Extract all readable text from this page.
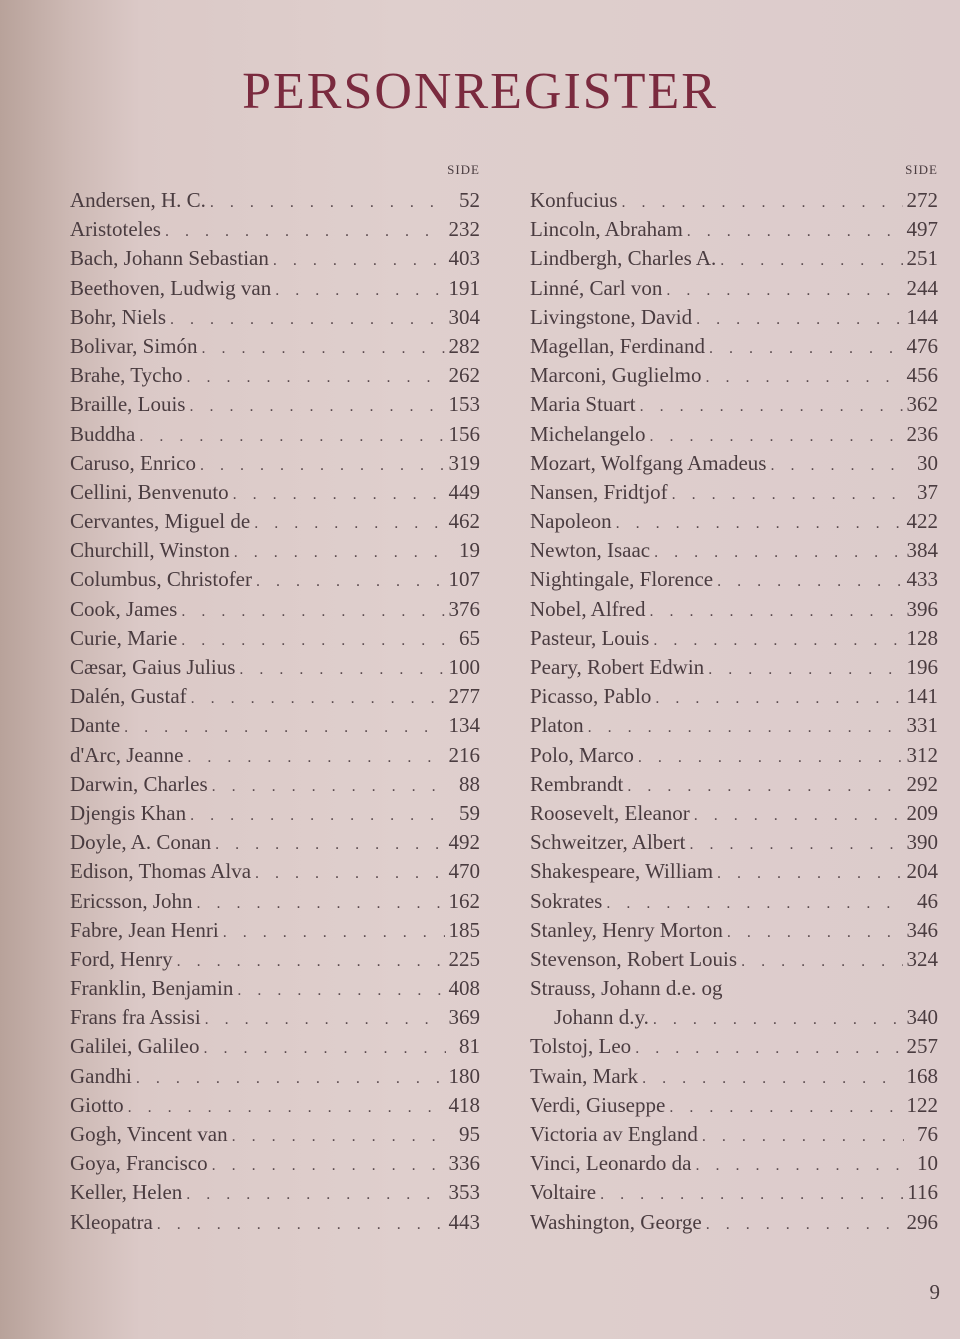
PERSONREGISTER
SIDE
Andersen, H. C. . . .	52
Aristoteles . . .	232
Bach, Johann Sebastian . . .	403
Beethoven, Ludwig van . . .	191
Bohr, Niels . . .	304
Bolivar, Simón . . .	282
Brahe, Tycho . . .	262
Braille, Louis . . .	153
Buddha . . .	156
Caruso, Enrico . . .	319
Cellini, Benvenuto . . .	449
Cervantes, Miguel de . . .	462
Churchill, Winston . . .	19
Columbus, Christofer . . .	107
Cook, James . . .	376
Curie, Marie . . .	65
Cæsar, Gaius Julius . . .	100
Dalén, Gustaf . . .	277
Dante . . .	134
d'Arc, Jeanne . . .	216
Darwin, Charles . . .	88
Djengis Khan . . .	59
Doyle, A. Conan . . .	492
Edison, Thomas Alva . . .	470
Ericsson, John . . .	162
Fabre, Jean Henri . . .	185
Ford, Henry . . .	225
Franklin, Benjamin . . .	408
Frans fra Assisi . . .	369
Galilei, Galileo . . .	81
Gandhi . . .	180
Giotto . . .	418
Gogh, Vincent van . . .	95
Goya, Francisco . . .	336
Keller, Helen . . .	353
Kleopatra . . .	443
SIDE
Konfucius . . .	272
Lincoln, Abraham . . .	497
Lindbergh, Charles A. . . .	251
Linné, Carl von . . .	244
Livingstone, David . . .	144
Magellan, Ferdinand . . .	476
Marconi, Guglielmo . . .	456
Maria Stuart . . .	362
Michelangelo . . .	236
Mozart, Wolfgang Amadeus . . .	30
Nansen, Fridtjof . . .	37
Napoleon . . .	422
Newton, Isaac . . .	384
Nightingale, Florence . . .	433
Nobel, Alfred . . .	396
Pasteur, Louis . . .	128
Peary, Robert Edwin . . .	196
Picasso, Pablo . . .	141
Platon . . .	331
Polo, Marco . . .	312
Rembrandt . . .	292
Roosevelt, Eleanor . . .	209
Schweitzer, Albert . . .	390
Shakespeare, William . . .	204
Sokrates . . .	46
Stanley, Henry Morton . . .	346
Stevenson, Robert Louis . . .	324
Strauss, Johann d.e. og
Johann d.y. . . .	340
Tolstoj, Leo . . .	257
Twain, Mark . . .	168
Verdi, Giuseppe . . .	122
Victoria av England . . .	76
Vinci, Leonardo da . . .	10
Voltaire . . .	116
Washington, George . . .	296
9
